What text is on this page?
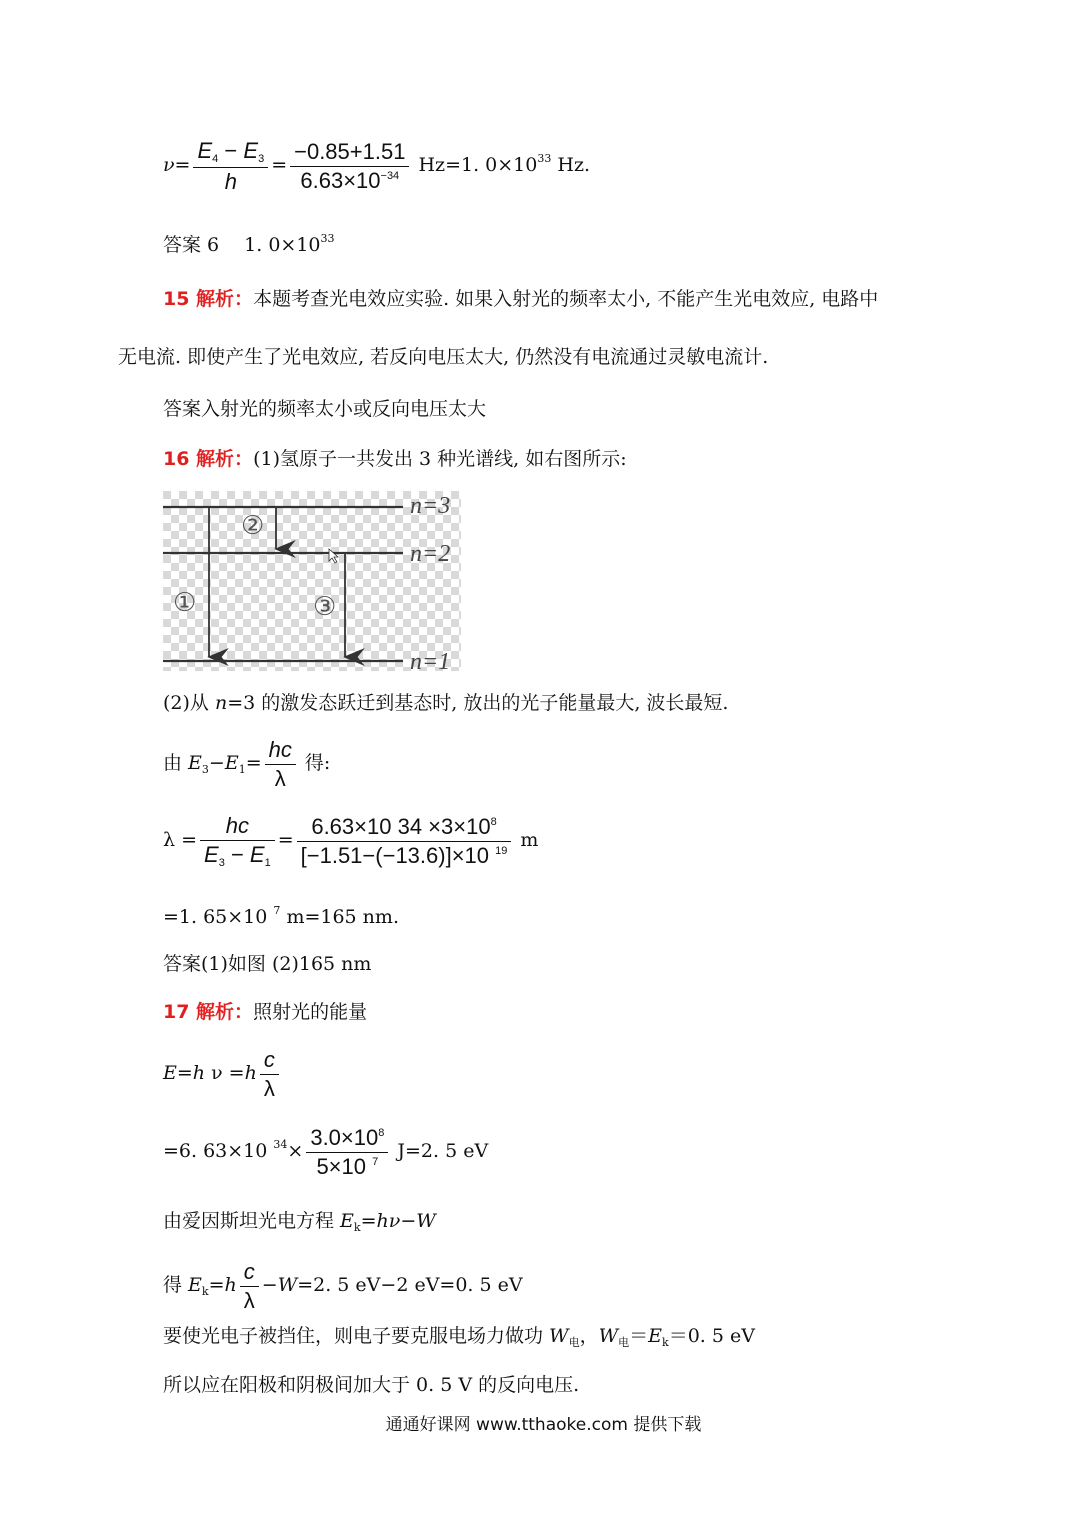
$\nu= \frac{E_4 - E_3}{h} = \frac{-0.85+1.51}{6.63\times 10^{-34}} Hz=1$. $0\times 10^{33}$ Hz.
答案 6　 1. $0\times 10^{33}$
15 解析：本题考查光电效应实验. 如果入射光的频率太小, 不能产生光电效应, 电路中
无电流. 即使产生了光电效应, 若反向电压太大, 仍然没有电流通过灵敏电流计.
答案入射光的频率太小或反向电压太大
16 解析：(1)氢原子一共发出 3 种光谱线, 如右图所示:
n=3
n=2
n=1
①
②
③
(2)从 n=3 的激发态跃迁到基态时, 放出的光子能量最大, 波长最短.
由 $E_3-E_1= \frac{hc}{\lambda}$ 得:
$\lambda = \frac{hc}{E_3 - E_1} = \frac{6.63\times 10 34 \times 3\times 10^8}{[-1.51-(-13.6)]\times 10 ^{19}}$ m
=1. 65×10 $^7$ m=165 nm.
答案(1)如图 (2)165 nm
17 解析：照射光的能量
E=h $\nu =h \frac{c}{\lambda}$
=6. 63×10 $^{34}\times \frac{3.0\times 10^8}{5\times 10 ^7} J=2$. 5 eV
由爱因斯坦光电方程 $E_k=h\nu-W$
得 $E_k=h \frac{c}{\lambda} -W=2$. 5 eV−2 eV=0. 5 eV
要使光电子被挡住，则电子要克服电场力做功 $W_电$，$W_电=E_k=0$. 5 eV
所以应在阳极和阴极间加大于 0. 5 V 的反向电压.
通通好课网 www.tthaoke.com 提供下载
